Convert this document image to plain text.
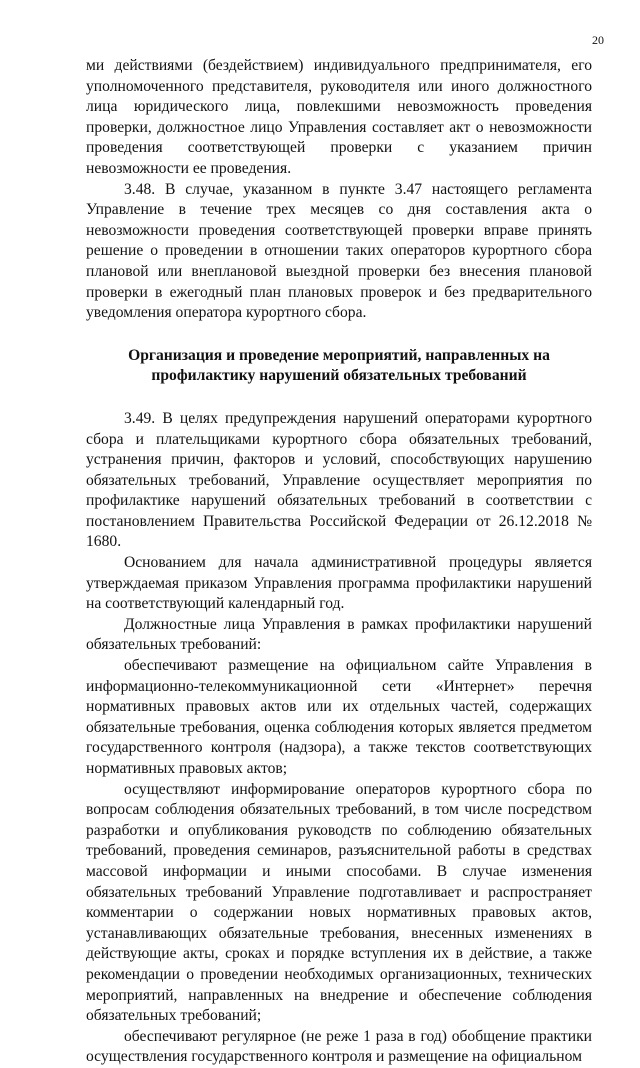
20

ми действиями (бездействием) индивидуального предпринимателя, его уполномоченного представителя, руководителя или иного должностного лица юридического лица, повлекшими невозможность проведения проверки, должностное лицо Управления составляет акт о невозможности проведения соответствующей проверки с указанием причин невозможности ее проведения.

3.48. В случае, указанном в пункте 3.47 настоящего регламента Управление в течение трех месяцев со дня составления акта о невозможности проведения соответствующей проверки вправе принять решение о проведении в отношении таких операторов курортного сбора плановой или внеплановой выездной проверки без внесения плановой проверки в ежегодный план плановых проверок и без предварительного уведомления оператора курортного сбора.

Организация и проведение мероприятий, направленных на профилактику нарушений обязательных требований

3.49. В целях предупреждения нарушений операторами курортного сбора и плательщиками курортного сбора обязательных требований, устранения причин, факторов и условий, способствующих нарушению обязательных требований, Управление осуществляет мероприятия по профилактике нарушений обязательных требований в соответствии с постановлением Правительства Российской Федерации от 26.12.2018 № 1680.

Основанием для начала административной процедуры является утверждаемая приказом Управления программа профилактики нарушений на соответствующий календарный год.

Должностные лица Управления в рамках профилактики нарушений обязательных требований:

обеспечивают размещение на официальном сайте Управления в информационно-телекоммуникационной сети «Интернет» перечня нормативных правовых актов или их отдельных частей, содержащих обязательные требования, оценка соблюдения которых является предметом государственного контроля (надзора), а также текстов соответствующих нормативных правовых актов;

осуществляют информирование операторов курортного сбора по вопросам соблюдения обязательных требований, в том числе посредством разработки и опубликования руководств по соблюдению обязательных требований, проведения семинаров, разъяснительной работы в средствах массовой информации и иными способами. В случае изменения обязательных требований Управление подготавливает и распространяет комментарии о содержании новых нормативных правовых актов, устанавливающих обязательные требования, внесенных изменениях в действующие акты, сроках и порядке вступления их в действие, а также рекомендации о проведении необходимых организационных, технических мероприятий, направленных на внедрение и обеспечение соблюдения обязательных требований;

обеспечивают регулярное (не реже 1 раза в год) обобщение практики осуществления государственного контроля и размещение на официальном
